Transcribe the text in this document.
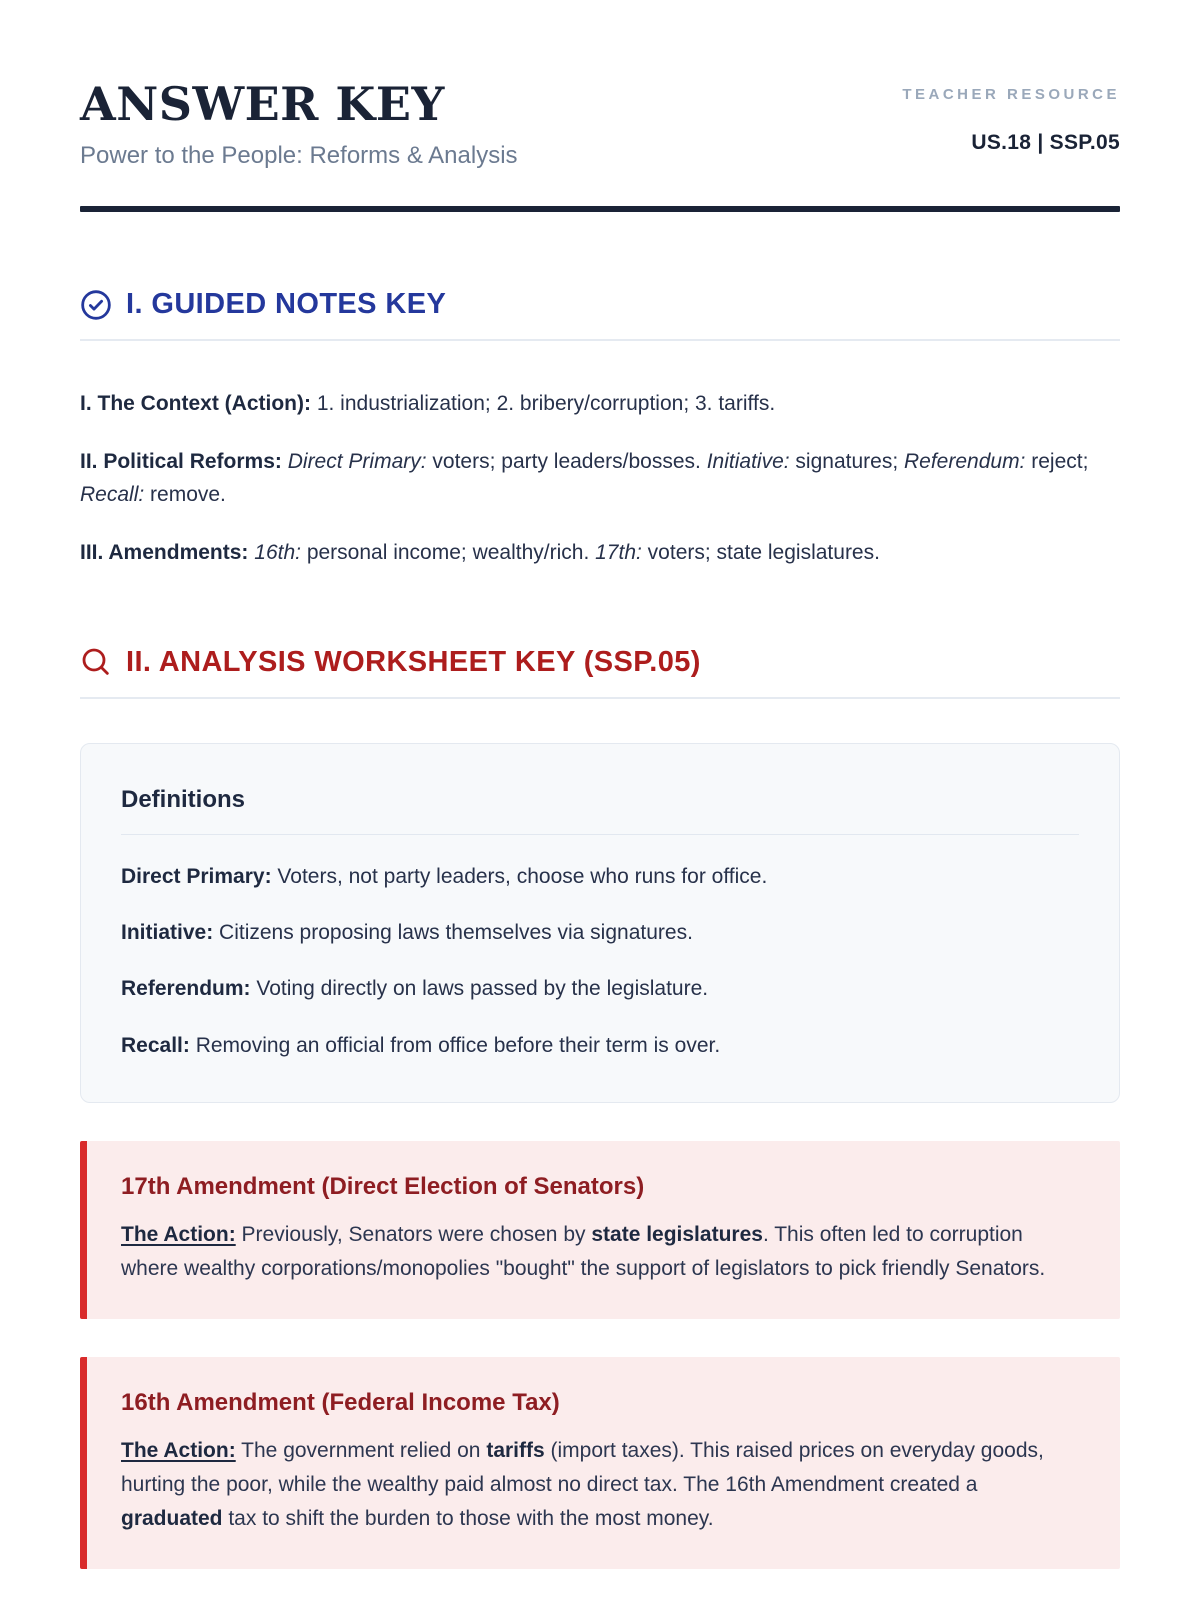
ANSWER KEY

Power to the People: Reforms & Analysis

TEACHER RESOURCE
US.18 | SSP.05
I. GUIDED NOTES KEY

I. The Context (Action): 1. industrialization; 2. bribery/corruption; 3. tariffs.

II. Political Reforms: Direct Primary: voters; party leaders/bosses. Initiative: signatures; Referendum: reject; Recall: remove.

III. Amendments: 16th: personal income; wealthy/rich. 17th: voters; state legislatures.

II. ANALYSIS WORKSHEET KEY (SSP.05)
Definitions

Direct Primary: Voters, not party leaders, choose who runs for office.

Initiative: Citizens proposing laws themselves via signatures.

Referendum: Voting directly on laws passed by the legislature.

Recall: Removing an official from office before their term is over.

17th Amendment (Direct Election of Senators)

The Action: Previously, Senators were chosen by state legislatures. This often led to corruption where wealthy corporations/monopolies "bought" the support of legislators to pick friendly Senators.

16th Amendment (Federal Income Tax)

The Action: The government relied on tariffs (import taxes). This raised prices on everyday goods, hurting the poor, while the wealthy paid almost no direct tax. The 16th Amendment created a graduated tax to shift the burden to those with the most money.
